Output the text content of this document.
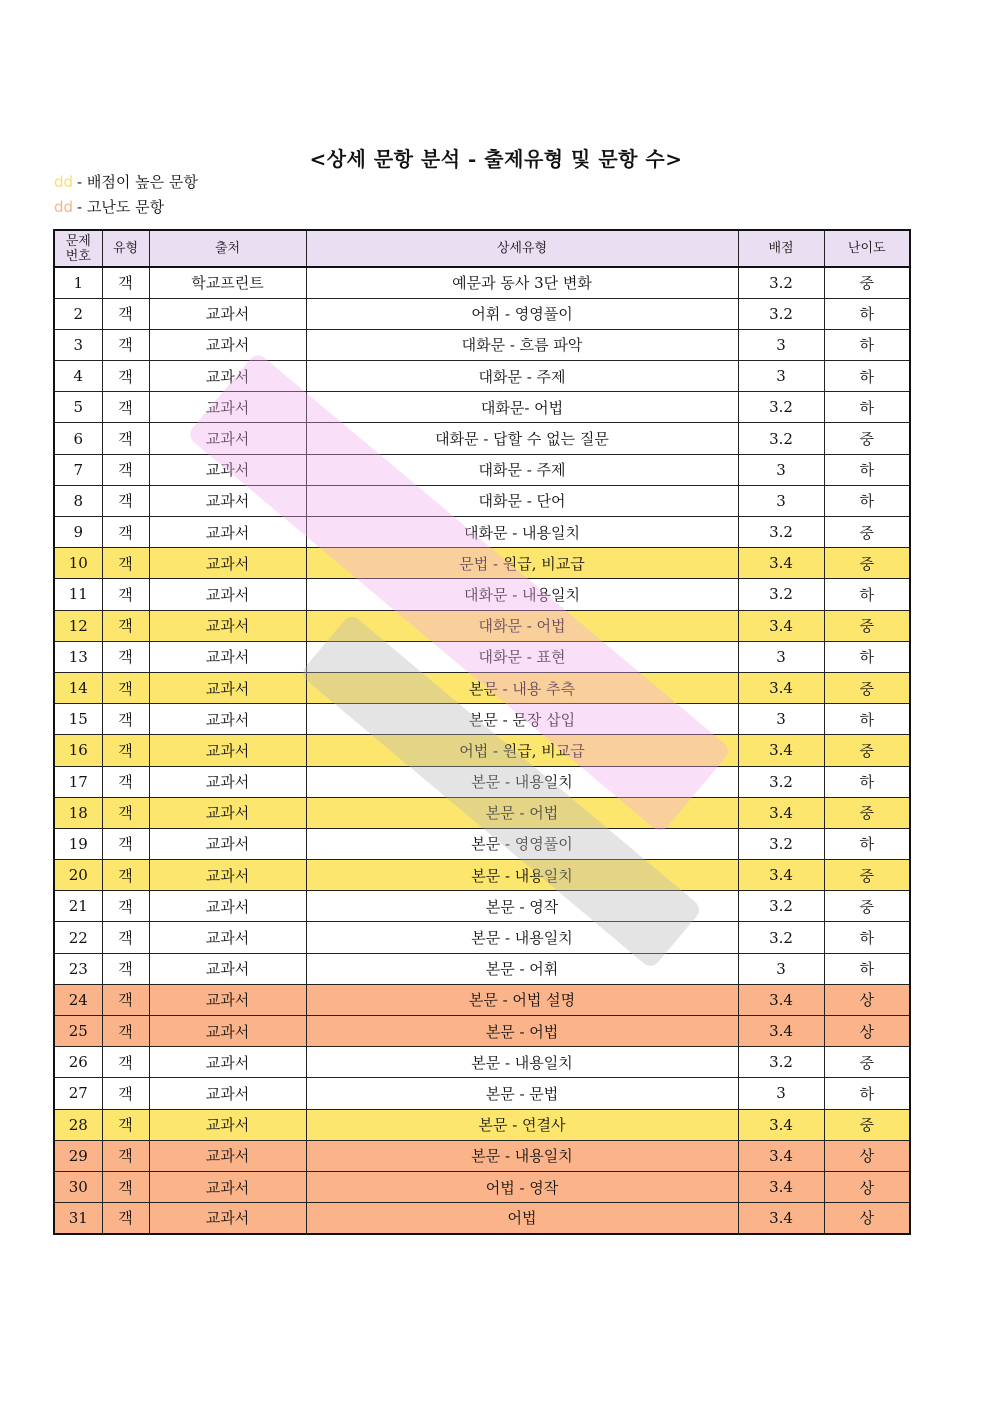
<상세 문항 분석 - 출제유형 및 문항 수>
dd - 배점이 높은 문항
dd - 고난도 문항
문제
번호	유형	출처	상세유형	배점	난이도
1	객	학교프린트	예문과 동사 3단 변화	3.2	중
2	객	교과서	어휘 - 영영풀이	3.2	하
3	객	교과서	대화문 - 흐름 파악	3	하
4	객	교과서	대화문 - 주제	3	하
5	객	교과서	대화문- 어법	3.2	하
6	객	교과서	대화문 - 답할 수 없는 질문	3.2	중
7	객	교과서	대화문 - 주제	3	하
8	객	교과서	대화문 - 단어	3	하
9	객	교과서	대화문 - 내용일치	3.2	중
10	객	교과서	문법 - 원급, 비교급	3.4	중
11	객	교과서	대화문 - 내용일치	3.2	하
12	객	교과서	대화문 - 어법	3.4	중
13	객	교과서	대화문 - 표현	3	하
14	객	교과서	본문 - 내용 추측	3.4	중
15	객	교과서	본문 - 문장 삽입	3	하
16	객	교과서	어법 - 원급, 비교급	3.4	중
17	객	교과서	본문 - 내용일치	3.2	하
18	객	교과서	본문 - 어법	3.4	중
19	객	교과서	본문 - 영영풀이	3.2	하
20	객	교과서	본문 - 내용일치	3.4	중
21	객	교과서	본문 - 영작	3.2	중
22	객	교과서	본문 - 내용일치	3.2	하
23	객	교과서	본문 - 어휘	3	하
24	객	교과서	본문 - 어법 설명	3.4	상
25	객	교과서	본문 - 어법	3.4	상
26	객	교과서	본문 - 내용일치	3.2	중
27	객	교과서	본문 - 문법	3	하
28	객	교과서	본문 - 연결사	3.4	중
29	객	교과서	본문 - 내용일치	3.4	상
30	객	교과서	어법 - 영작	3.4	상
31	객	교과서	어법	3.4	상
